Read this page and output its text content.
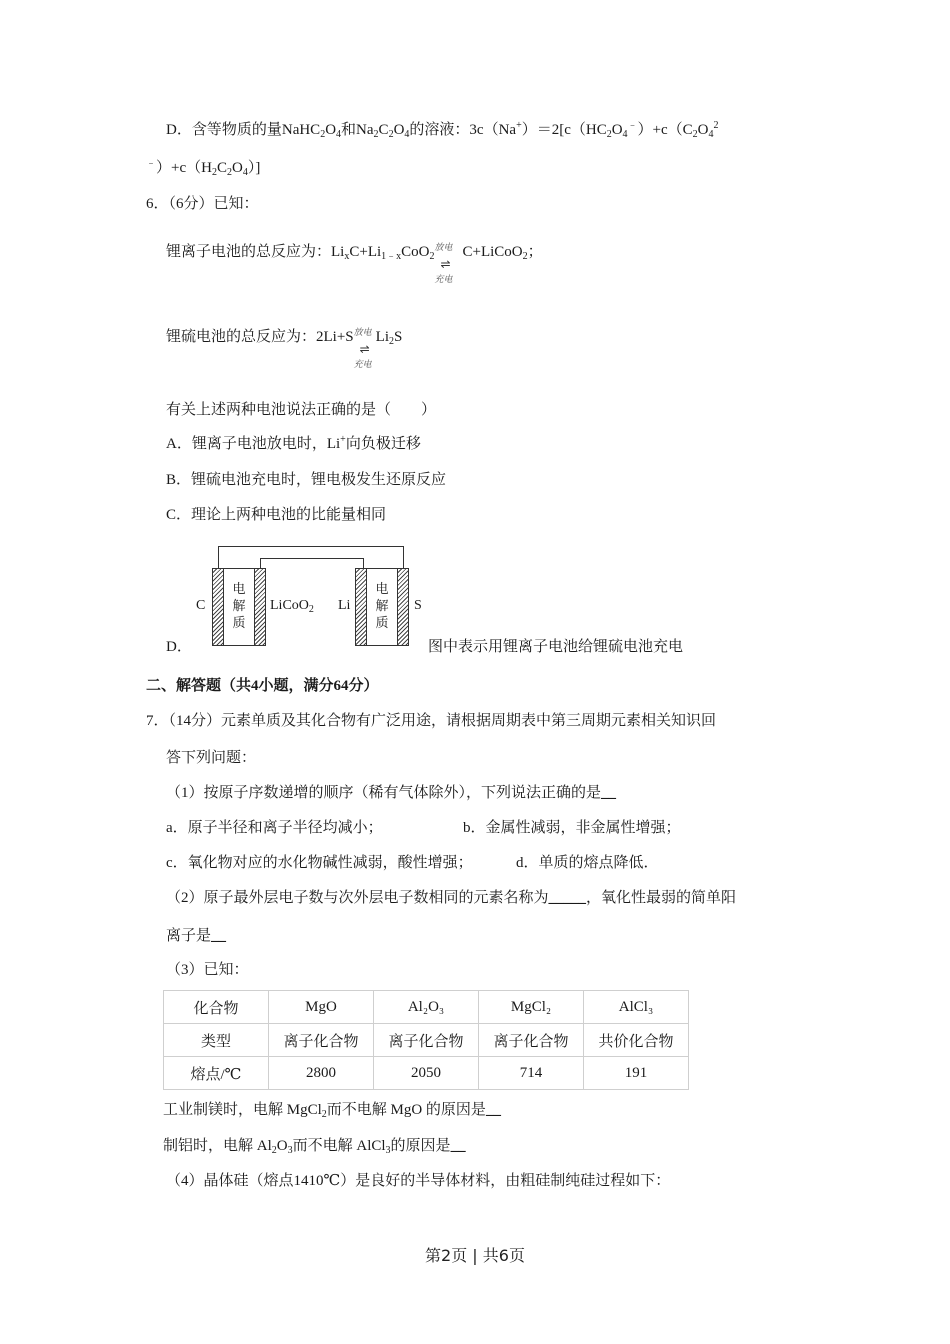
D．含等物质的量$NaHC_2O_4$和$Na_2C_2O_4$的溶液：$3c(Na^+)=2[c(HC_2O_4^﹣)+c(C_2O_4^2$
$^﹣)+c(H_2C_2O_4)$]
6．（6分）已知：
锂离子电池的总反应为：$Li_xC+Li_{1﹣x}CoO_2$
放电
⇌
充电
C+LiCoO$_2$；
锂硫电池的总反应为：2Li+S 放电
⇌
充电
$Li_2S$
有关上述两种电池说法正确的是（　　）
A．锂离子电池放电时，Li+向负极迁移
B．锂硫电池充电时，锂电极发生还原反应
C．理论上两种电池的比能量相同
D．
C
电
解
质
LiCoO$_2$ Li
电
解
质
S
图中表示用锂离子电池给锂硫电池充电
二、解答题（共4小题，满分64分）
7．（14分）元素单质及其化合物有广泛用途，请根据周期表中第三周期元素相关知识回
答下列问题：
（1）按原子序数递增的顺序（稀有气体除外），下列说法正确的是__
a．原子半径和离子半径均减小；	b．金属性减弱，非金属性增强；
c．氧化物对应的水化物碱性减弱，酸性增强；	d．单质的熔点降低．
（2）原子最外层电子数与次外层电子数相同的元素名称为_____，氧化性最弱的简单阳
离子是__
（3）已知：
化合物	MgO	Al₂O₃	MgCl₂	AlCl₃
类型	离子化合物	离子化合物	离子化合物	共价化合物
熔点/℃	2800	2050	714	191
工业制镁时，电解 MgCl$_2$而不电解 MgO 的原因是__
制铝时，电解 $Al_2O_3$而不电解 AlCl$_3$的原因是__
（4）晶体硅（熔点1410℃）是良好的半导体材料，由粗硅制纯硅过程如下：
第2页 | 共6页
